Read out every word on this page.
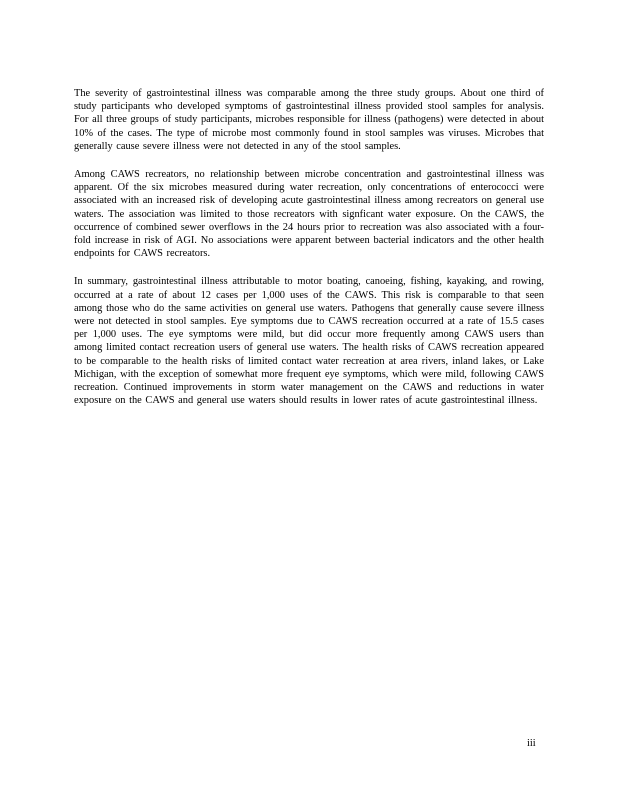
The severity of gastrointestinal illness was comparable among the three study groups. About one third of study participants who developed symptoms of gastrointestinal illness provided stool samples for analysis. For all three groups of study participants, microbes responsible for illness (pathogens) were detected in about 10% of the cases. The type of microbe most commonly found in stool samples was viruses. Microbes that generally cause severe illness were not detected in any of the stool samples.

Among CAWS recreators, no relationship between microbe concentration and gastrointestinal illness was apparent. Of the six microbes measured during water recreation, only concentrations of enterococci were associated with an increased risk of developing acute gastrointestinal illness among recreators on general use waters. The association was limited to those recreators with signficant water exposure. On the CAWS, the occurrence of combined sewer overflows in the 24 hours prior to recreation was also associated with a four-fold increase in risk of AGI. No associations were apparent between bacterial indicators and the other health endpoints for CAWS recreators.

In summary, gastrointestinal illness attributable to motor boating, canoeing, fishing, kayaking, and rowing, occurred at a rate of about 12 cases per 1,000 uses of the CAWS. This risk is comparable to that seen among those who do the same activities on general use waters. Pathogens that generally cause severe illness were not detected in stool samples. Eye symptoms due to CAWS recreation occurred at a rate of 15.5 cases per 1,000 uses. The eye symptoms were mild, but did occur more frequently among CAWS users than among limited contact recreation users of general use waters. The health risks of CAWS recreation appeared to be comparable to the health risks of limited contact water recreation at area rivers, inland lakes, or Lake Michigan, with the exception of somewhat more frequent eye symptoms, which were mild, following CAWS recreation. Continued improvements in storm water management on the CAWS and reductions in water exposure on the CAWS and general use waters should results in lower rates of acute gastrointestinal illness.

iii
